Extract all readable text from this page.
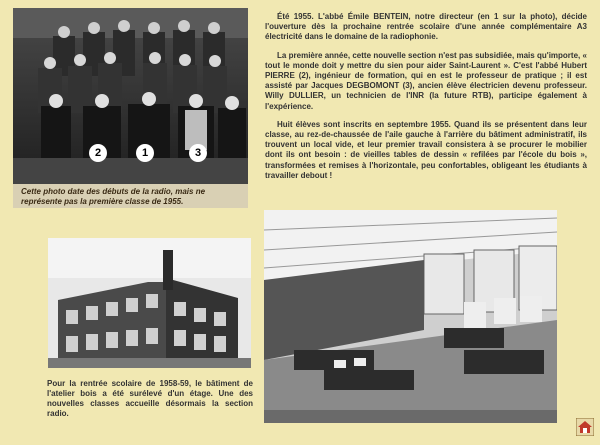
2	1	3
Cette photo date des débuts de la radio, mais ne représente pas la première classe de 1955.

Été 1955. L'abbé Émile BENTEIN, notre directeur (en 1 sur la photo), décide l'ouverture dès la prochaine rentrée scolaire d'une année complémentaire A3 électricité dans le domaine de la radiophonie.

La première année, cette nouvelle section n'est pas subsidiée, mais qu'importe, « tout le monde doit y mettre du sien pour aider Saint-Laurent ». C'est l'abbé Hubert PIERRE (2), ingénieur de formation, qui en est le professeur de pratique ; il est assisté par Jacques DEGBOMONT (3), ancien élève électricien devenu professeur. Willy DULLIER, un technicien de l'INR (la future RTB), participe également à l'expérience.

Huit élèves sont inscrits en septembre 1955. Quand ils se présentent dans leur classe, au rez-de-chaussée de l'aile gauche à l'arrière du bâtiment administratif, ils trouvent un local vide, et leur premier travail consistera à se procurer le mobilier dont ils ont besoin : de vieilles tables de dessin « refilées par l'école du bois », transformées et remises à l'horizontale, peu confortables, obligeant les étudiants à travailler debout !

Pour la rentrée scolaire de 1958-59, le bâtiment de l'atelier bois a été surélevé d'un étage. Une des nouvelles classes accueille désormais la section radio.
